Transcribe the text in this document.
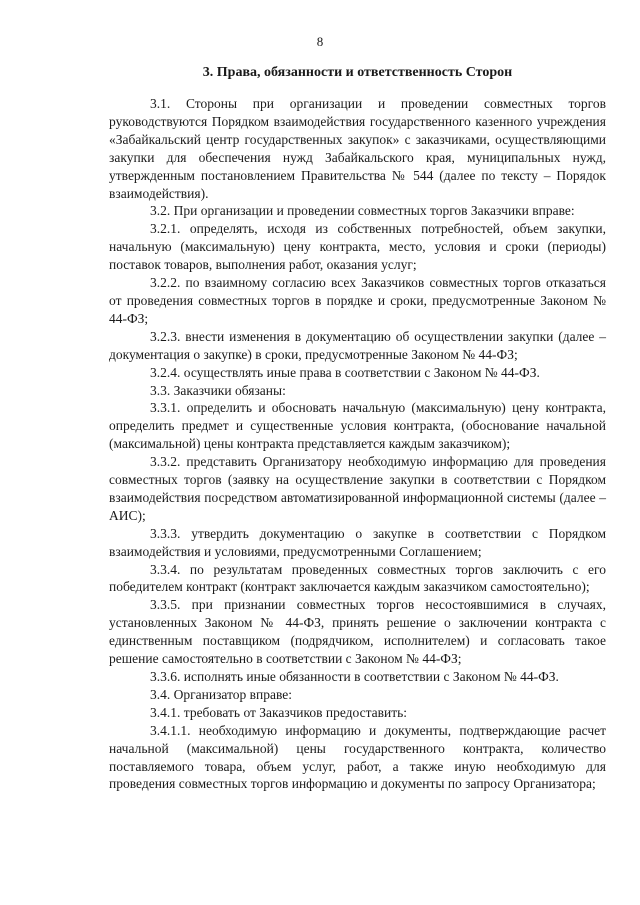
8
3. Права, обязанности и ответственность Сторон

3.1. Стороны при организации и проведении совместных торгов руководствуются Порядком взаимодействия государственного казенного учреждения «Забайкальский центр государственных закупок» с заказчиками, осуществляющими закупки для обеспечения нужд Забайкальского края, муниципальных нужд, утвержденным постановлением Правительства № 544 (далее по тексту – Порядок взаимодействия).

3.2. При организации и проведении совместных торгов Заказчики вправе:

3.2.1. определять, исходя из собственных потребностей, объем закупки, начальную (максимальную) цену контракта, место, условия и сроки (периоды) поставок товаров, выполнения работ, оказания услуг;

3.2.2. по взаимному согласию всех Заказчиков совместных торгов отказаться от проведения совместных торгов в порядке и сроки, предусмотренные Законом № 44-ФЗ;

3.2.3. внести изменения в документацию об осуществлении закупки (далее – документация о закупке) в сроки, предусмотренные Законом № 44-ФЗ;

3.2.4. осуществлять иные права в соответствии с Законом № 44-ФЗ.

3.3. Заказчики обязаны:

3.3.1. определить и обосновать начальную (максимальную) цену контракта, определить предмет и существенные условия контракта, (обоснование начальной (максимальной) цены контракта представляется каждым заказчиком);

3.3.2. представить Организатору необходимую информацию для проведения совместных торгов (заявку на осуществление закупки в соответствии с Порядком взаимодействия посредством автоматизированной информационной системы (далее – АИС);

3.3.3. утвердить документацию о закупке в соответствии с Порядком взаимодействия и условиями, предусмотренными Соглашением;

3.3.4. по результатам проведенных совместных торгов заключить с его победителем контракт (контракт заключается каждым заказчиком самостоятельно);

3.3.5. при признании совместных торгов несостоявшимися в случаях, установленных Законом № 44-ФЗ, принять решение о заключении контракта с единственным поставщиком (подрядчиком, исполнителем) и согласовать такое решение самостоятельно в соответствии с Законом № 44-ФЗ;

3.3.6. исполнять иные обязанности в соответствии с Законом № 44-ФЗ.

3.4. Организатор вправе:

3.4.1. требовать от Заказчиков предоставить:

3.4.1.1. необходимую информацию и документы, подтверждающие расчет начальной (максимальной) цены государственного контракта, количество поставляемого товара, объем услуг, работ, а также иную необходимую для проведения совместных торгов информацию и документы по запросу Организатора;
